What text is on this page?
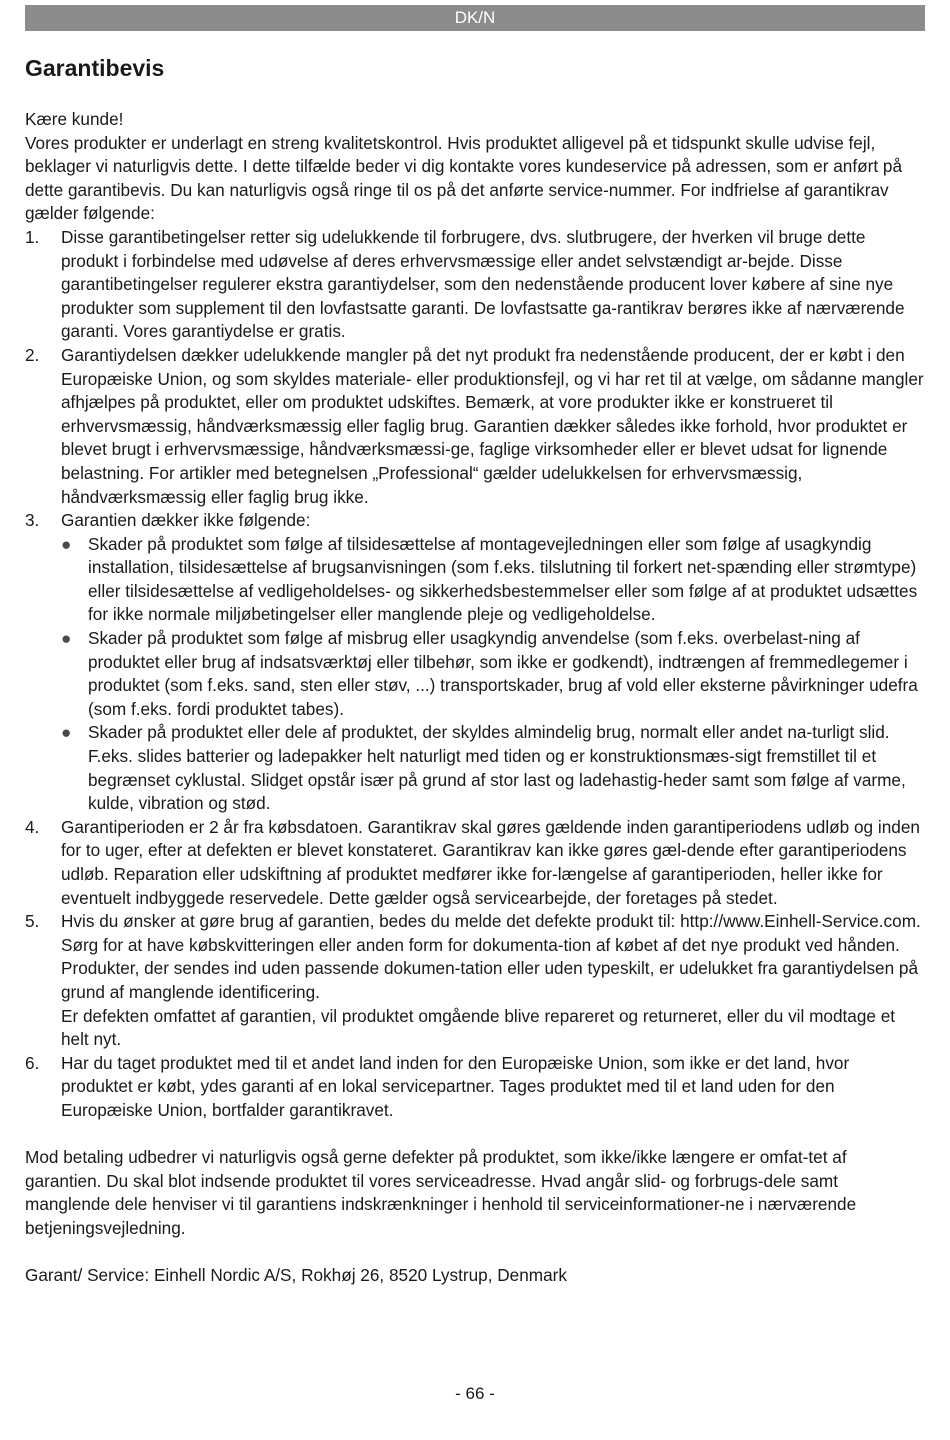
DK/N
Garantibevis

Kære kunde!

Vores produkter er underlagt en streng kvalitetskontrol. Hvis produktet alligevel på et tidspunkt skulle udvise fejl, beklager vi naturligvis dette. I dette tilfælde beder vi dig kontakte vores kundeservice på adressen, som er anført på dette garantibevis. Du kan naturligvis også ringe til os på det anførte service-nummer. For indfrielse af garantikrav gælder følgende:

1. Disse garantibetingelser retter sig udelukkende til forbrugere, dvs. slutbrugere, der hverken vil bruge dette produkt i forbindelse med udøvelse af deres erhvervsmæssige eller andet selvstændigt ar-bejde. Disse garantibetingelser regulerer ekstra garantiydelser, som den nedenstående producent lover købere af sine nye produkter som supplement til den lovfastsatte garanti. De lovfastsatte ga-rantikrav berøres ikke af nærværende garanti. Vores garantiydelse er gratis.
2. Garantiydelsen dækker udelukkende mangler på det nyt produkt fra nedenstående producent, der er købt i den Europæiske Union, og som skyldes materiale- eller produktionsfejl, og vi har ret til at vælge, om sådanne mangler afhjælpes på produktet, eller om produktet udskiftes. Bemærk, at vore produkter ikke er konstrueret til erhvervsmæssig, håndværksmæssig eller faglig brug. Garantien dækker således ikke forhold, hvor produktet er blevet brugt i erhvervsmæssige, håndværksmæssi-ge, faglige virksomheder eller er blevet udsat for lignende belastning. For artikler med betegnelsen „Professional“ gælder udelukkelsen for erhvervsmæssig, håndværksmæssig eller faglig brug ikke.
3. Garantien dækker ikke følgende:
● Skader på produktet som følge af tilsidesættelse af montagevejledningen eller som følge af usagkyndig installation, tilsidesættelse af brugsanvisningen (som f.eks. tilslutning til forkert net-spænding eller strømtype) eller tilsidesættelse af vedligeholdelses- og sikkerhedsbestemmelser eller som følge af at produktet udsættes for ikke normale miljøbetingelser eller manglende pleje og vedligeholdelse.
● Skader på produktet som følge af misbrug eller usagkyndig anvendelse (som f.eks. overbelast-ning af produktet eller brug af indsatsværktøj eller tilbehør, som ikke er godkendt), indtrængen af fremmedlegemer i produktet (som f.eks. sand, sten eller støv, ...) transportskader, brug af vold eller eksterne påvirkninger udefra (som f.eks. fordi produktet tabes).
● Skader på produktet eller dele af produktet, der skyldes almindelig brug, normalt eller andet na-turligt slid. F.eks. slides batterier og ladepakker helt naturligt med tiden og er konstruktionsmæs-sigt fremstillet til et begrænset cyklustal. Slidget opstår især på grund af stor last og ladehastig-heder samt som følge af varme, kulde, vibration og stød.
4. Garantiperioden er 2 år fra købsdatoen. Garantikrav skal gøres gældende inden garantiperiodens udløb og inden for to uger, efter at defekten er blevet konstateret. Garantikrav kan ikke gøres gæl-dende efter garantiperiodens udløb. Reparation eller udskiftning af produktet medfører ikke for-længelse af garantiperioden, heller ikke for eventuelt indbyggede reservedele. Dette gælder også servicearbejde, der foretages på stedet.
5. Hvis du ønsker at gøre brug af garantien, bedes du melde det defekte produkt til: http://www.Einhell-Service.com. Sørg for at have købskvitteringen eller anden form for dokumenta-tion af købet af det nye produkt ved hånden. Produkter, der sendes ind uden passende dokumen-tation eller uden typeskilt, er udelukket fra garantiydelsen på grund af manglende identificering.
Er defekten omfattet af garantien, vil produktet omgående blive repareret og returneret, eller du vil modtage et helt nyt.
6. Har du taget produktet med til et andet land inden for den Europæiske Union, som ikke er det land, hvor produktet er købt, ydes garanti af en lokal servicepartner. Tages produktet med til et land uden for den Europæiske Union, bortfalder garantikravet.

Mod betaling udbedrer vi naturligvis også gerne defekter på produktet, som ikke/ikke længere er omfat-tet af garantien. Du skal blot indsende produktet til vores serviceadresse. Hvad angår slid- og forbrugs-dele samt manglende dele henviser vi til garantiens indskrænkninger i henhold til serviceinformationer-ne i nærværende betjeningsvejledning.

Garant/ Service: Einhell Nordic A/S, Rokhøj 26, 8520 Lystrup, Denmark

- 66 -
